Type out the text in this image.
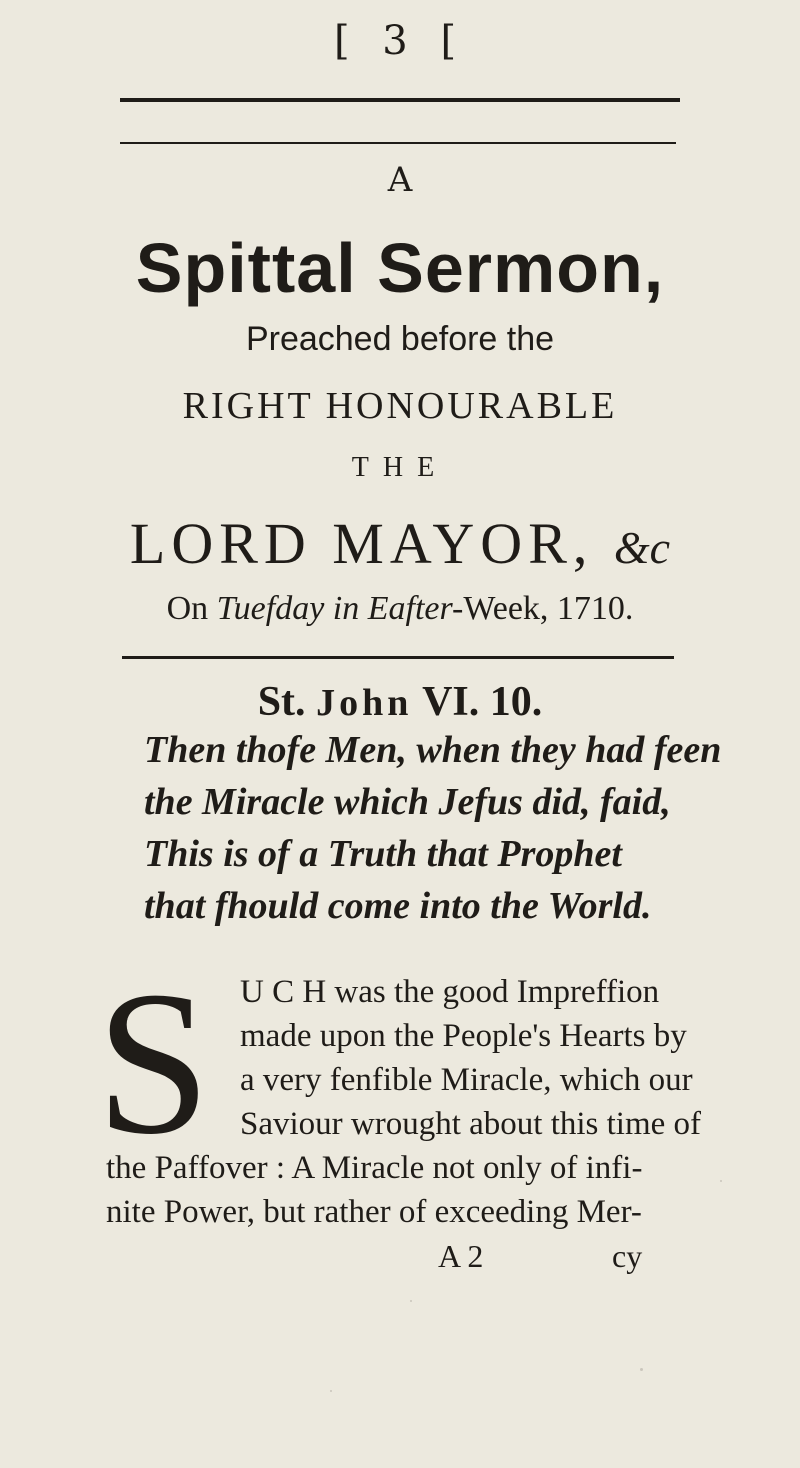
[ 3 [
A
Spittal Sermon,
Preached before the
RIGHT HONOURABLE
THE
LORD MAYOR, &c
On Tuefday in Eafter-Week, 1710.
St. John VI. 10.
Then thofe Men, when they had feen
the Miracle which Jefus did, faid,
This is of a Truth that Prophet
that fhould come into the World.
S U C H was the good Impreffion
made upon the People's Hearts by
a very fenfible Miracle, which our
Saviour wrought about this time of
the Paffover : A Miracle not only of infi-
nite Power, but rather of exceeding Mer-
A 2	cy
